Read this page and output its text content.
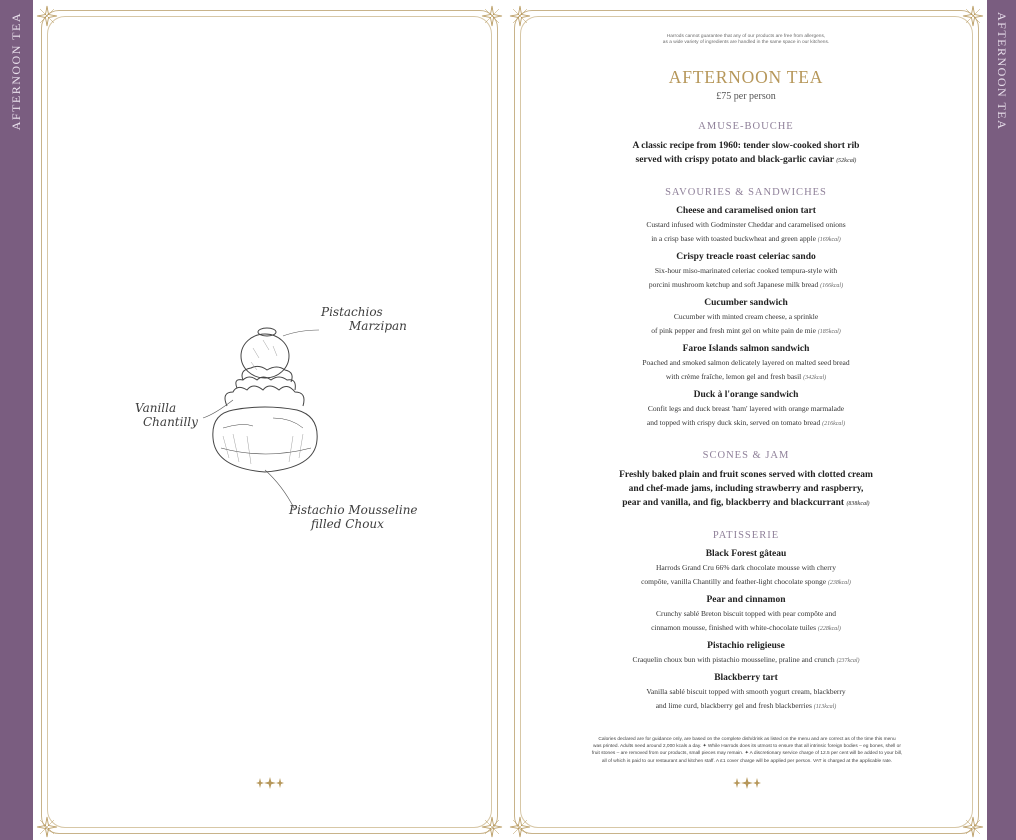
AFTERNOON TEA	AFTERNOON TEA
Pistachios
Marzipan
Vanilla
Chantilly
Pistachio Mousseline
filled Choux
Harrods cannot guarantee that any of our products are free from allergens,
as a wide variety of ingredients are handled in the same space in our kitchens.
AFTERNOON TEA
£75 per person
AMUSE-BOUCHE
A classic recipe from 1960: tender slow-cooked short rib
served with crispy potato and black-garlic caviar (52kcal)
SAVOURIES & SANDWICHES
Cheese and caramelised onion tart
Custard infused with Godminster Cheddar and caramelised onions
in a crisp base with toasted buckwheat and green apple (169kcal)
Crispy treacle roast celeriac sando
Six-hour miso-marinated celeriac cooked tempura-style with
porcini mushroom ketchup and soft Japanese milk bread (166kcal)
Cucumber sandwich
Cucumber with minted cream cheese, a sprinkle
of pink pepper and fresh mint gel on white pain de mie (185kcal)
Faroe Islands salmon sandwich
Poached and smoked salmon delicately layered on malted seed bread
with crème fraîche, lemon gel and fresh basil (342kcal)
Duck à l'orange sandwich
Confit legs and duck breast 'ham' layered with orange marmalade
and topped with crispy duck skin, served on tomato bread (216kcal)
SCONES & JAM
Freshly baked plain and fruit scones served with clotted cream
and chef-made jams, including strawberry and raspberry,
pear and vanilla, and fig, blackberry and blackcurrant (838kcal)
PATISSERIE
Black Forest gâteau
Harrods Grand Cru 66% dark chocolate mousse with cherry
compôte, vanilla Chantilly and feather-light chocolate sponge (238kcal)
Pear and cinnamon
Crunchy sablé Breton biscuit topped with pear compôte and
cinnamon mousse, finished with white-chocolate tuiles (228kcal)
Pistachio religieuse
Craquelin choux bun with pistachio mousseline, praline and crunch (237kcal)
Blackberry tart
Vanilla sablé biscuit topped with smooth yogurt cream, blackberry
and lime curd, blackberry gel and fresh blackberries (113kcal)
Calories declared are for guidance only, are based on the complete dish/drink as listed on the menu and are correct as of the time this menu
was printed. Adults need around 2,000 kcals a day. ✦ While Harrods does its utmost to ensure that all intrinsic foreign bodies – eg bones, shell or
fruit stones – are removed from our products, small pieces may remain. ✦ A discretionary service charge of 12.5 per cent will be added to your bill,
all of which is paid to our restaurant and kitchen staff. A £1 cover charge will be applied per person. VAT is charged at the applicable rate.
